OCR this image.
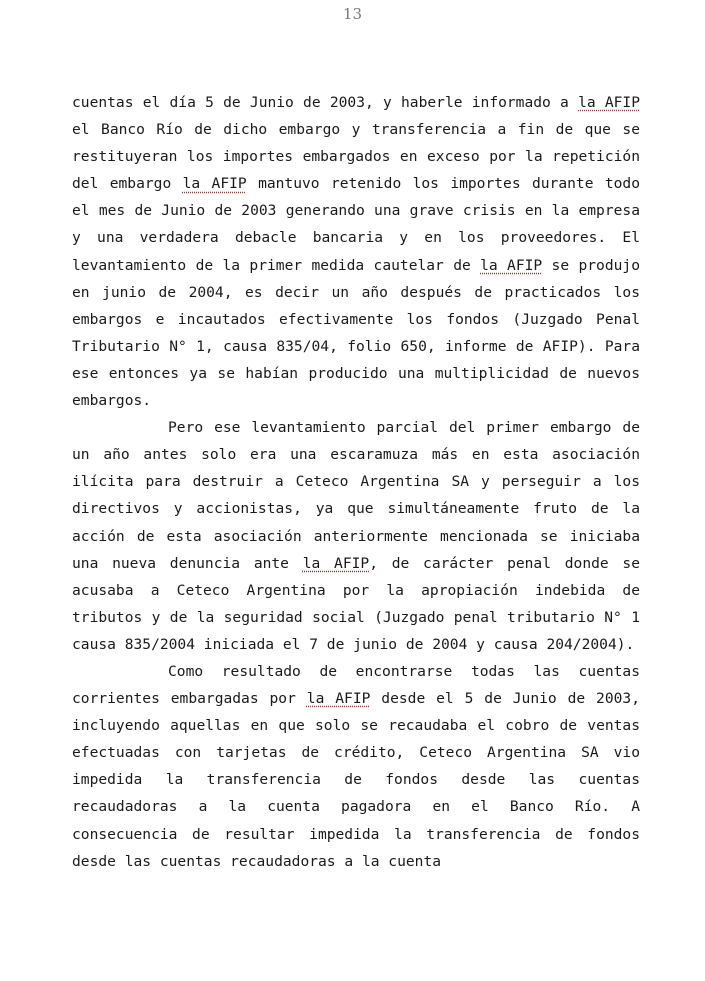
13

cuentas el día 5 de Junio de 2003, y haberle informado a la AFIP el Banco Río de dicho embargo y transferencia a fin de que se restituyeran los importes embargados en exceso por la repetición del embargo la AFIP mantuvo retenido los importes durante todo el mes de Junio de 2003 generando una grave crisis en la empresa y una verdadera debacle bancaria y en los proveedores. El levantamiento de la primer medida cautelar de la AFIP se produjo en junio de 2004, es decir un año después de practicados los embargos e incautados efectivamente los fondos (Juzgado Penal Tributario N° 1, causa 835/04, folio 650, informe de AFIP). Para ese entonces ya se habían producido una multiplicidad de nuevos embargos.

Pero ese levantamiento parcial del primer embargo de un año antes solo era una escaramuza más en esta asociación ilícita para destruir a Ceteco Argentina SA y perseguir a los directivos y accionistas, ya que simultáneamente fruto de la acción de esta asociación anteriormente mencionada se iniciaba una nueva denuncia ante la AFIP, de carácter penal donde se acusaba a Ceteco Argentina por la apropiación indebida de tributos y de la seguridad social (Juzgado penal tributario N° 1 causa 835/2004 iniciada el 7 de junio de 2004 y causa 204/2004).

Como resultado de encontrarse todas las cuentas corrientes embargadas por la AFIP desde el 5 de Junio de 2003, incluyendo aquellas en que solo se recaudaba el cobro de ventas efectuadas con tarjetas de crédito, Ceteco Argentina SA vio impedida la transferencia de fondos desde las cuentas recaudadoras a la cuenta pagadora en el Banco Río. A consecuencia de resultar impedida la transferencia de fondos desde las cuentas recaudadoras a la cuenta
